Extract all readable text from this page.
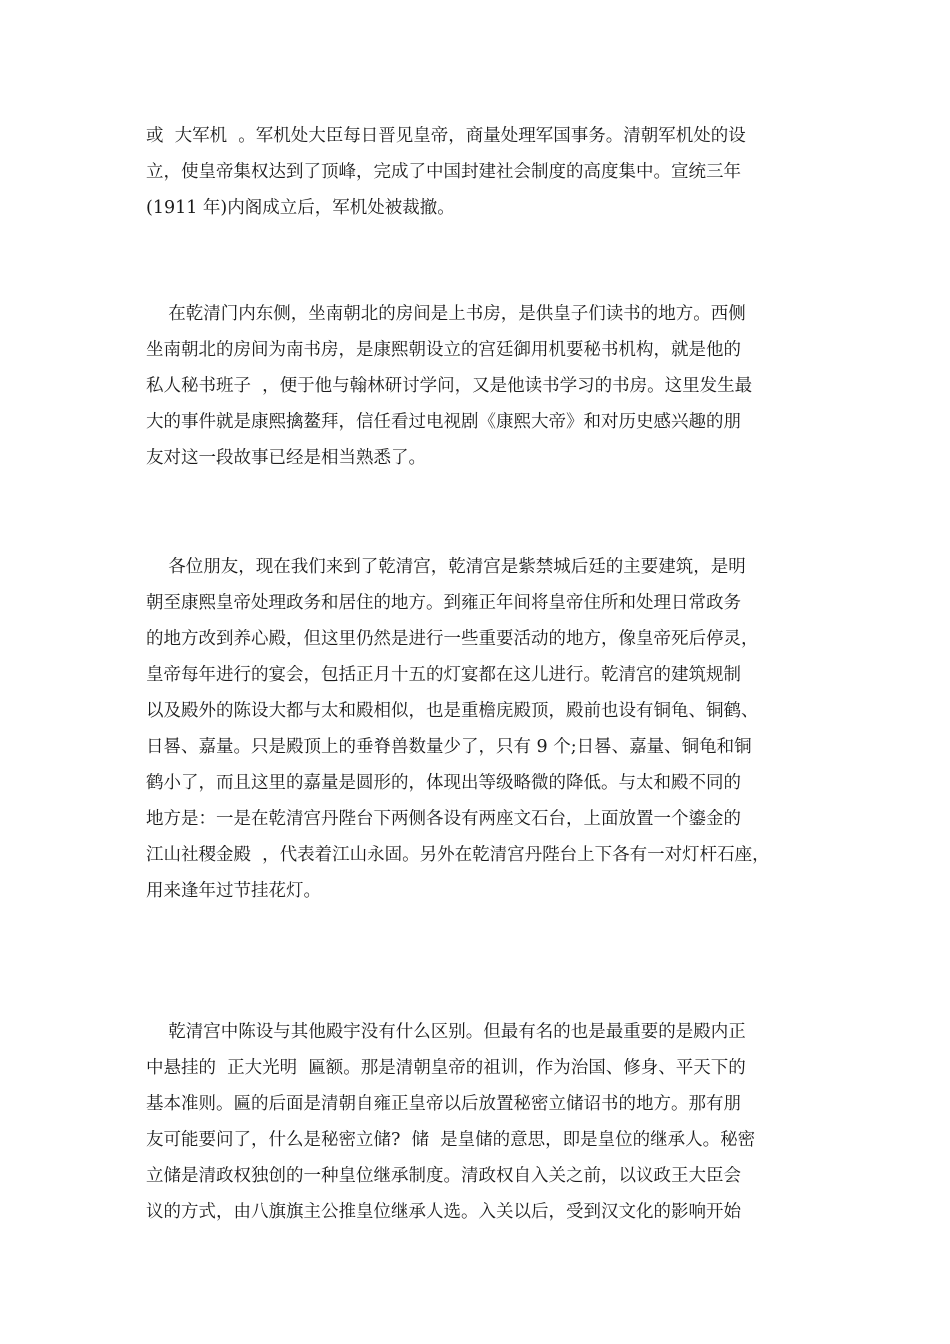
或  大军机  。军机处大臣每日晋见皇帝，商量处理军国事务。清朝军机处的设
立，使皇帝集权达到了顶峰，完成了中国封建社会制度的高度集中。宣统三年
(1911 年)内阁成立后，军机处被裁撤。
在乾清门内东侧，坐南朝北的房间是上书房，是供皇子们读书的地方。西侧
坐南朝北的房间为南书房，是康熙朝设立的宫廷御用机要秘书机构，就是他的
私人秘书班子  ，便于他与翰林研讨学问，又是他读书学习的书房。这里发生最
大的事件就是康熙擒鳌拜，信任看过电视剧《康熙大帝》和对历史感兴趣的朋
友对这一段故事已经是相当熟悉了。
各位朋友，现在我们来到了乾清宫，乾清宫是紫禁城后廷的主要建筑，是明
朝至康熙皇帝处理政务和居住的地方。到雍正年间将皇帝住所和处理日常政务
的地方改到养心殿，但这里仍然是进行一些重要活动的地方，像皇帝死后停灵，
皇帝每年进行的宴会，包括正月十五的灯宴都在这儿进行。乾清宫的建筑规制
以及殿外的陈设大都与太和殿相似，也是重檐庑殿顶，殿前也设有铜龟、铜鹤、
日晷、嘉量。只是殿顶上的垂脊兽数量少了，只有 9 个;日晷、嘉量、铜龟和铜
鹤小了，而且这里的嘉量是圆形的，体现出等级略微的降低。与太和殿不同的
地方是：一是在乾清宫丹陛台下两侧各设有两座文石台，上面放置一个鎏金的
江山社稷金殿  ，代表着江山永固。另外在乾清宫丹陛台上下各有一对灯杆石座，
用来逢年过节挂花灯。
乾清宫中陈设与其他殿宇没有什么区别。但最有名的也是最重要的是殿内正
中悬挂的  正大光明  匾额。那是清朝皇帝的祖训，作为治国、修身、平天下的
基本准则。匾的后面是清朝自雍正皇帝以后放置秘密立储诏书的地方。那有朋
友可能要问了，什么是秘密立储?  储  是皇储的意思，即是皇位的继承人。秘密
立储是清政权独创的一种皇位继承制度。清政权自入关之前，以议政王大臣会
议的方式，由八旗旗主公推皇位继承人选。入关以后，受到汉文化的影响开始
